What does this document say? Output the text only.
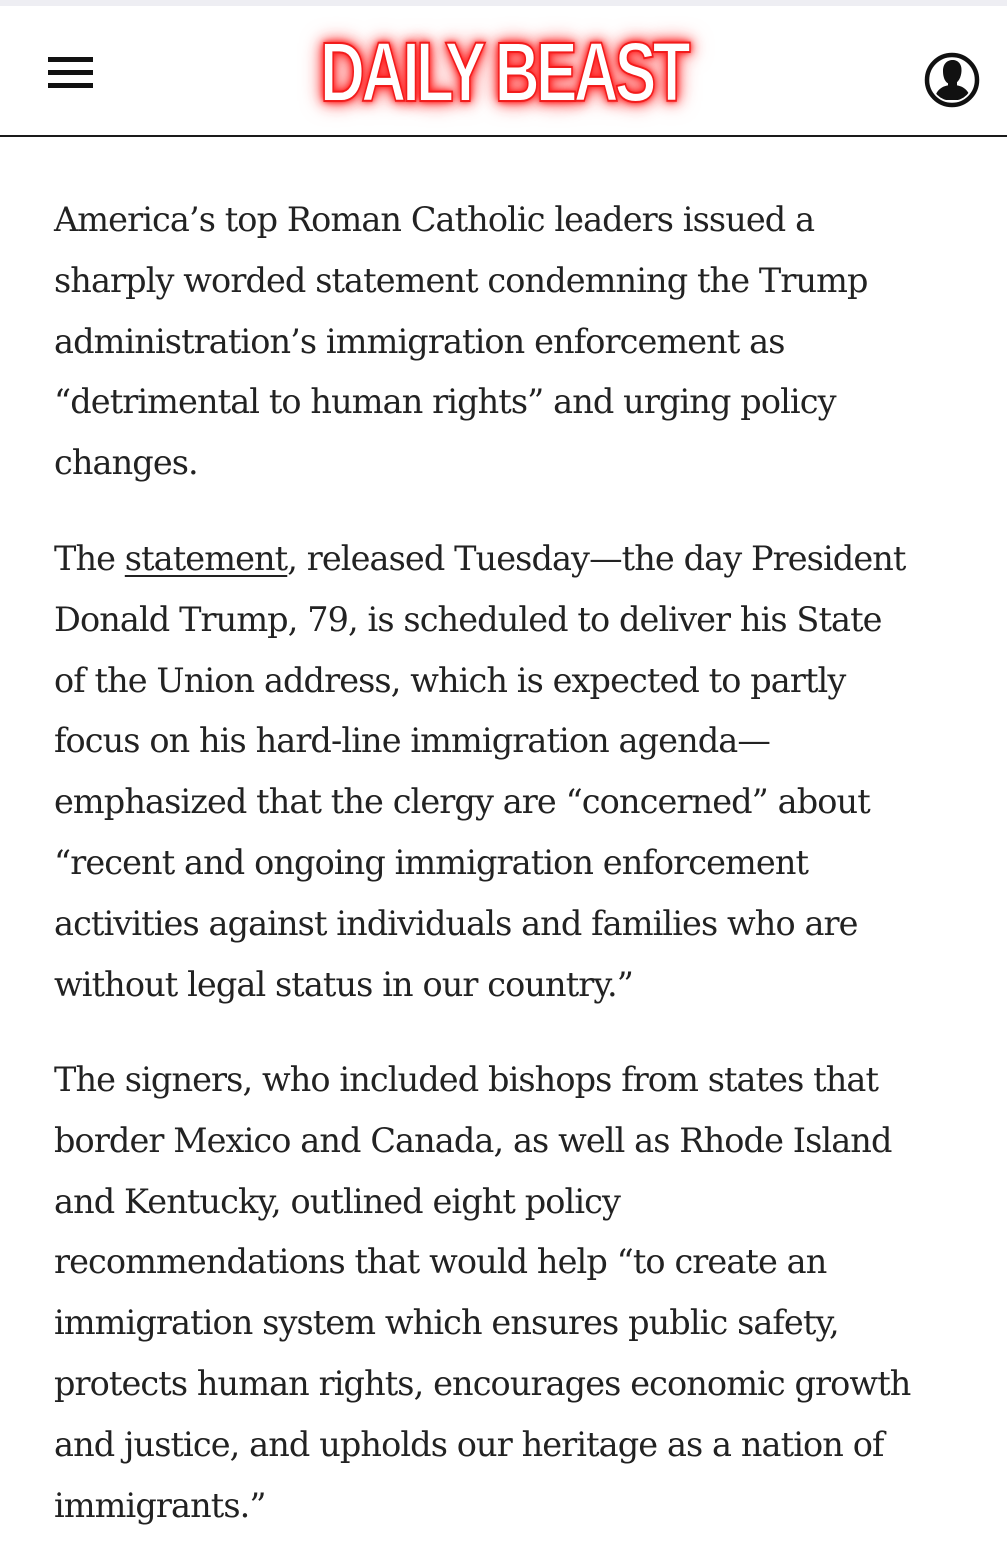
DAILY BEAST

America’s top Roman Catholic leaders issued a
sharply worded statement condemning the Trump
administration’s immigration enforcement as
“detrimental to human rights” and urging policy
changes.

The statement, released Tuesday—the day President
Donald Trump, 79, is scheduled to deliver his State
of the Union address, which is expected to partly
focus on his hard-line immigration agenda—
emphasized that the clergy are “concerned” about
“recent and ongoing immigration enforcement
activities against individuals and families who are
without legal status in our country.”

The signers, who included bishops from states that
border Mexico and Canada, as well as Rhode Island
and Kentucky, outlined eight policy
recommendations that would help “to create an
immigration system which ensures public safety,
protects human rights, encourages economic growth
and justice, and upholds our heritage as a nation of
immigrants.”
